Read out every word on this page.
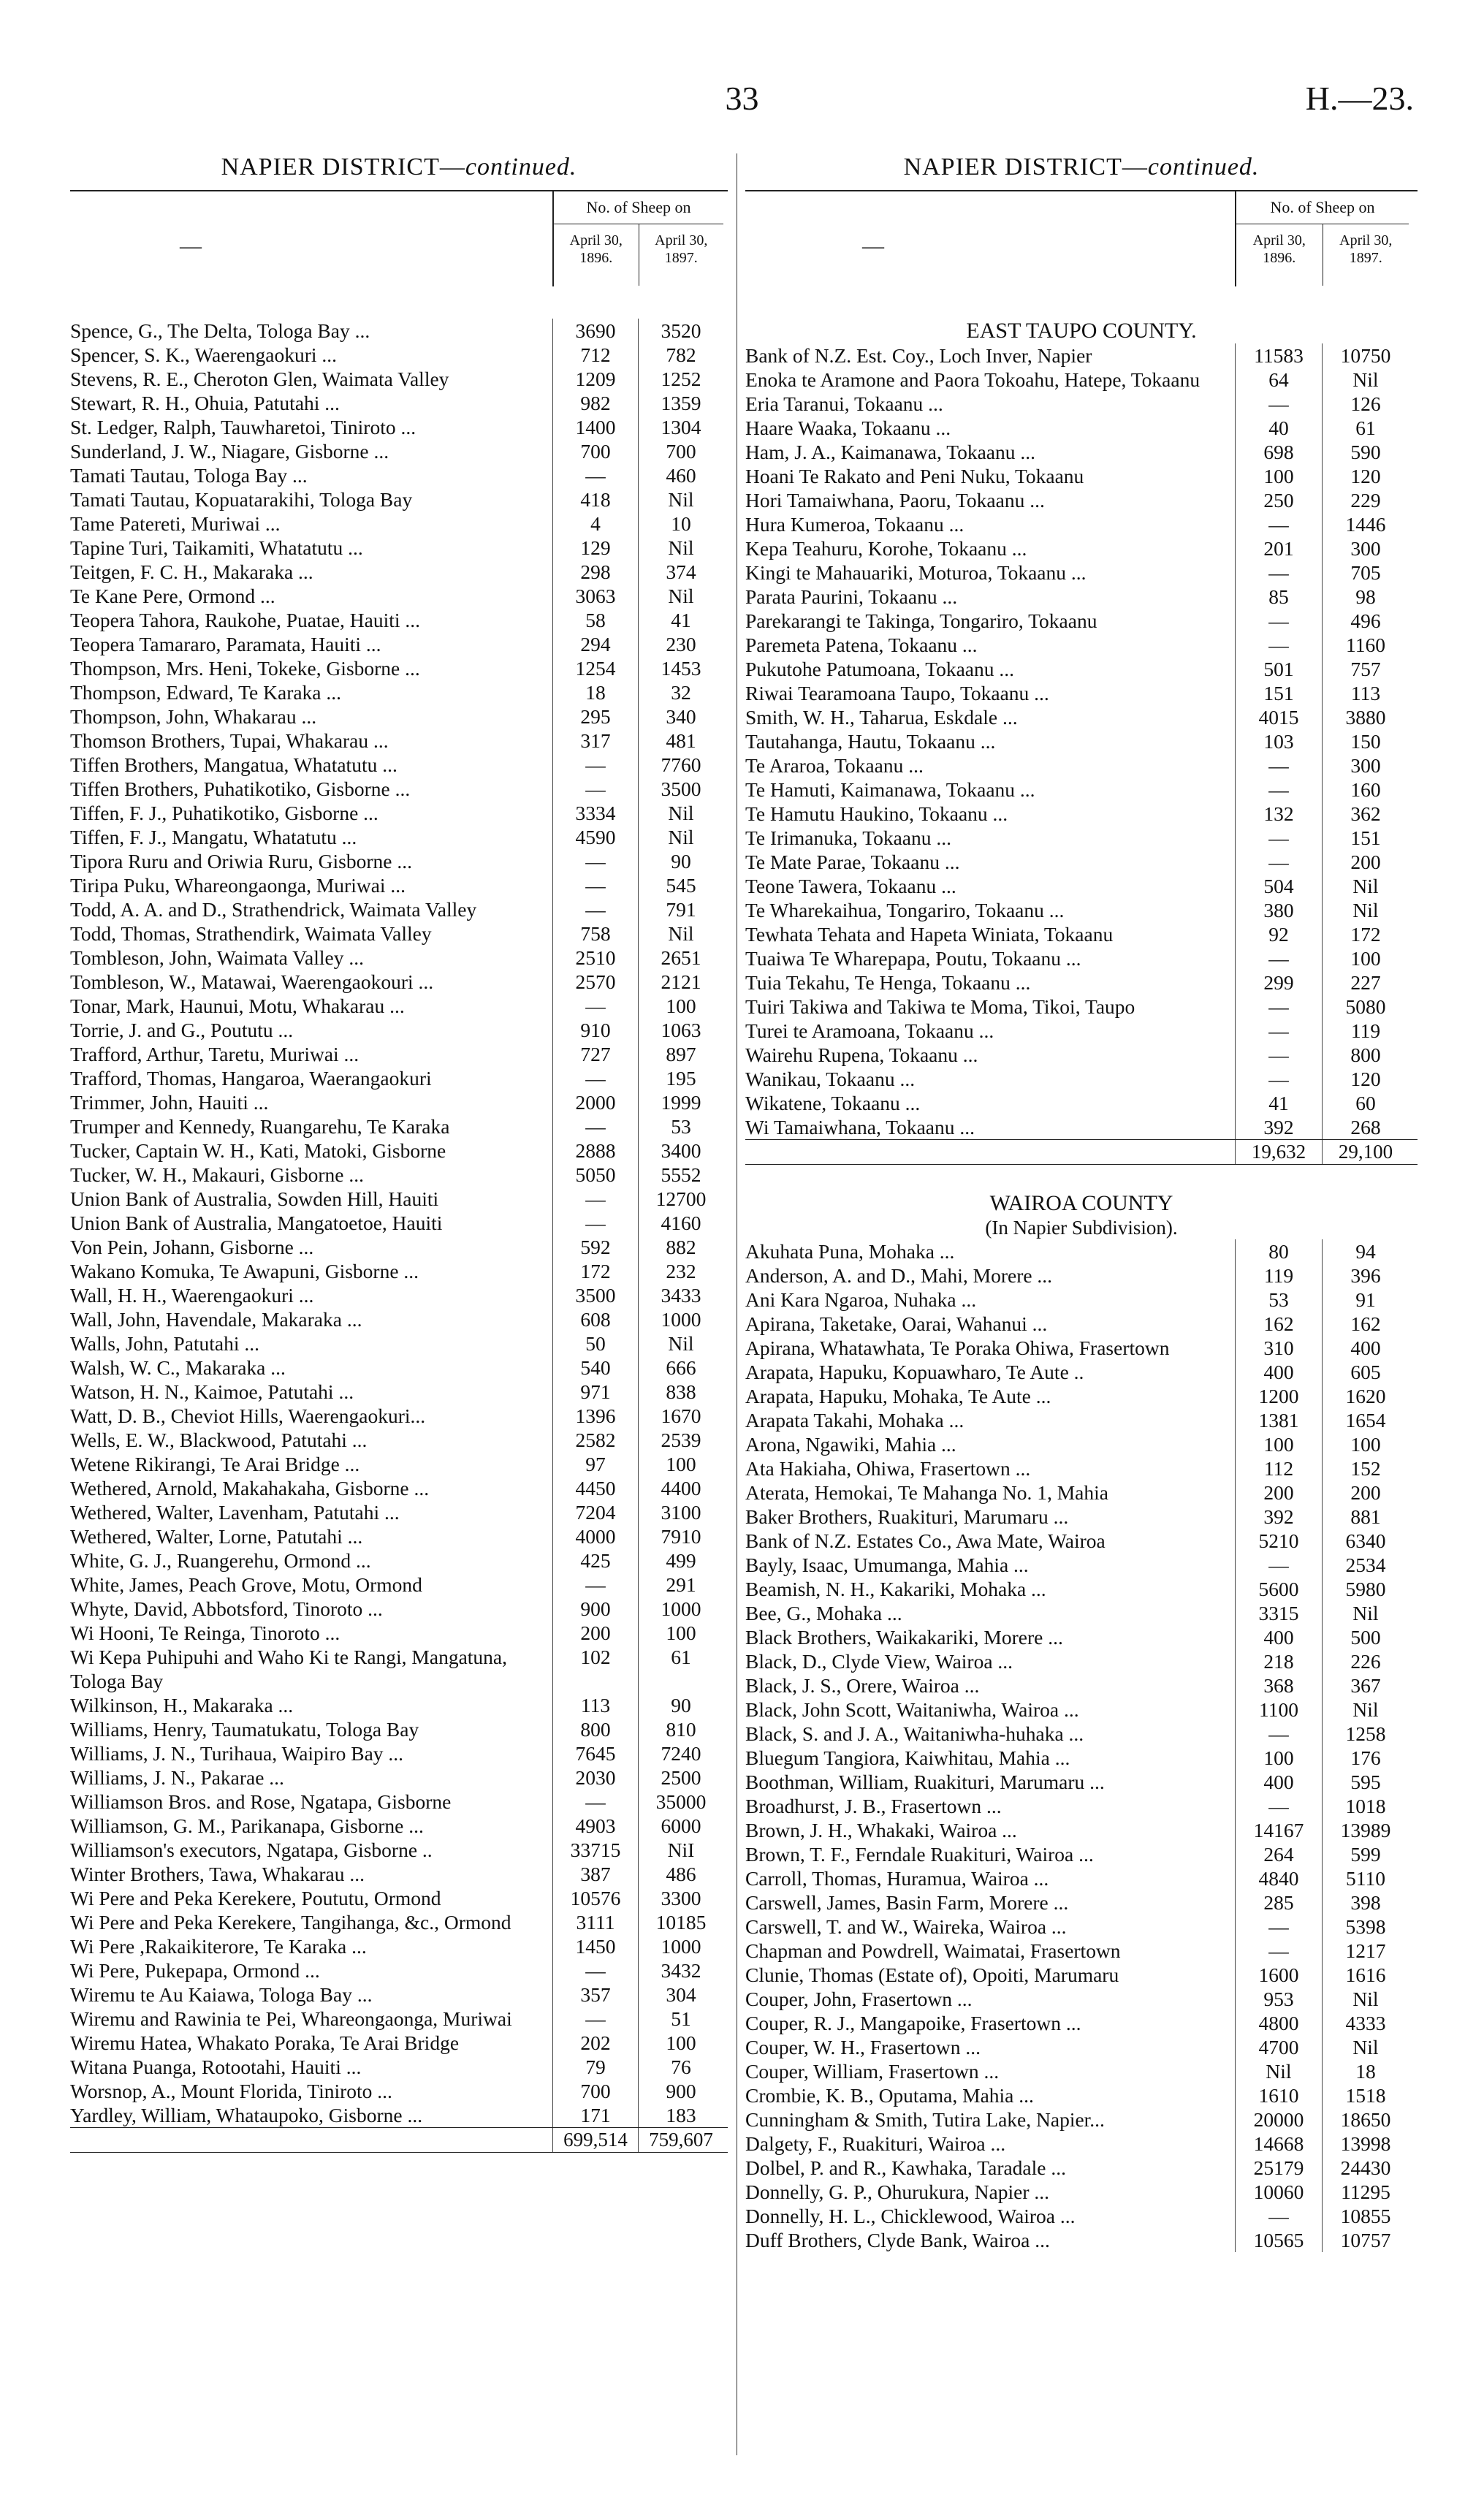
33	H.—23.
NAPIER DISTRICT—continued.
—
No. of Sheep on
April 30, 1896.
April 30, 1897.
Spence, G., The Delta, Tologa Bay ...	3690	3520
Spencer, S. K., Waerengaokuri ...	712	782
Stevens, R. E., Cheroton Glen, Waimata Valley	1209	1252
Stewart, R. H., Ohuia, Patutahi ...	982	1359
St. Ledger, Ralph, Tauwharetoi, Tiniroto ...	1400	1304
Sunderland, J. W., Niagare, Gisborne ...	700	700
Tamati Tautau, Tologa Bay ...	—	460
Tamati Tautau, Kopuatarakihi, Tologa Bay	418	Nil
Tame Patereti, Muriwai ...	4	10
Tapine Turi, Taikamiti, Whatatutu ...	129	Nil
Teitgen, F. C. H., Makaraka ...	298	374
Te Kane Pere, Ormond ...	3063	Nil
Teopera Tahora, Raukohe, Puatae, Hauiti ...	58	41
Teopera Tamararo, Paramata, Hauiti ...	294	230
Thompson, Mrs. Heni, Tokeke, Gisborne ...	1254	1453
Thompson, Edward, Te Karaka ...	18	32
Thompson, John, Whakarau ...	295	340
Thomson Brothers, Tupai, Whakarau ...	317	481
Tiffen Brothers, Mangatua, Whatatutu ...	—	7760
Tiffen Brothers, Puhatikotiko, Gisborne ...	—	3500
Tiffen, F. J., Puhatikotiko, Gisborne ...	3334	Nil
Tiffen, F. J., Mangatu, Whatatutu ...	4590	Nil
Tipora Ruru and Oriwia Ruru, Gisborne ...	—	90
Tiripa Puku, Whareongaonga, Muriwai ...	—	545
Todd, A. A. and D., Strathendrick, Waimata Valley	—	791
Todd, Thomas, Strathendirk, Waimata Valley	758	Nil
Tombleson, John, Waimata Valley ...	2510	2651
Tombleson, W., Matawai, Waerengaokouri ...	2570	2121
Tonar, Mark, Haunui, Motu, Whakarau ...	—	100
Torrie, J. and G., Poututu ...	910	1063
Trafford, Arthur, Taretu, Muriwai ...	727	897
Trafford, Thomas, Hangaroa, Waerangaokuri	—	195
Trimmer, John, Hauiti ...	2000	1999
Trumper and Kennedy, Ruangarehu, Te Karaka	—	53
Tucker, Captain W. H., Kati, Matoki, Gisborne	2888	3400
Tucker, W. H., Makauri, Gisborne ...	5050	5552
Union Bank of Australia, Sowden Hill, Hauiti	—	12700
Union Bank of Australia, Mangatoetoe, Hauiti	—	4160
Von Pein, Johann, Gisborne ...	592	882
Wakano Komuka, Te Awapuni, Gisborne ...	172	232
Wall, H. H., Waerengaokuri ...	3500	3433
Wall, John, Havendale, Makaraka ...	608	1000
Walls, John, Patutahi ...	50	Nil
Walsh, W. C., Makaraka ...	540	666
Watson, H. N., Kaimoe, Patutahi ...	971	838
Watt, D. B., Cheviot Hills, Waerengaokuri...	1396	1670
Wells, E. W., Blackwood, Patutahi ...	2582	2539
Wetene Rikirangi, Te Arai Bridge ...	97	100
Wethered, Arnold, Makahakaha, Gisborne ...	4450	4400
Wethered, Walter, Lavenham, Patutahi ...	7204	3100
Wethered, Walter, Lorne, Patutahi ...	4000	7910
White, G. J., Ruangerehu, Ormond ...	425	499
White, James, Peach Grove, Motu, Ormond	—	291
Whyte, David, Abbotsford, Tinoroto ...	900	1000
Wi Hooni, Te Reinga, Tinoroto ...	200	100
Wi Kepa Puhipuhi and Waho Ki te Rangi, Mangatuna, Tologa Bay
102	61
Wilkinson, H., Makaraka ...	113	90
Williams, Henry, Taumatukatu, Tologa Bay	800	810
Williams, J. N., Turihaua, Waipiro Bay ...	7645	7240
Williams, J. N., Pakarae ...	2030	2500
Williamson Bros. and Rose, Ngatapa, Gisborne	—	35000
Williamson, G. M., Parikanapa, Gisborne ...	4903	6000
Williamson's executors, Ngatapa, Gisborne ..	33715	NiI
Winter Brothers, Tawa, Whakarau ...	387	486
Wi Pere and Peka Kerekere, Poututu, Ormond	10576	3300
Wi Pere and Peka Kerekere, Tangihanga, &c., Ormond	3111	10185
Wi Pere ,Rakaikiterore, Te Karaka ...	1450	1000
Wi Pere, Pukepapa, Ormond ...	—	3432
Wiremu te Au Kaiawa, Tologa Bay ...	357	304
Wiremu and Rawinia te Pei, Whareongaonga, Muriwai	—	51
Wiremu Hatea, Whakato Poraka, Te Arai Bridge	202	100
Witana Puanga, Rotootahi, Hauiti ...	79	76
Worsnop, A., Mount Florida, Tiniroto ...	700	900
Yardley, William, Whataupoko, Gisborne ...	171	183
699,514	759,607
NAPIER DISTRICT—continued.
—
No. of Sheep on
April 30, 1896.
April 30, 1897.
EAST TAUPO COUNTY.
Bank of N.Z. Est. Coy., Loch Inver, Napier	11583	10750
Enoka te Aramone and Paora Tokoahu, Hatepe, Tokaanu	64	Nil
Eria Taranui, Tokaanu ...	—	126
Haare Waaka, Tokaanu ...	40	61
Ham, J. A., Kaimanawa, Tokaanu ...	698	590
Hoani Te Rakato and Peni Nuku, Tokaanu	100	120
Hori Tamaiwhana, Paoru, Tokaanu ...	250	229
Hura Kumeroa, Tokaanu ...	—	1446
Kepa Teahuru, Korohe, Tokaanu ...	201	300
Kingi te Mahauariki, Moturoa, Tokaanu ...	—	705
Parata Paurini, Tokaanu ...	85	98
Parekarangi te Takinga, Tongariro, Tokaanu	—	496
Paremeta Patena, Tokaanu ...	—	1160
Pukutohe Patumoana, Tokaanu ...	501	757
Riwai Tearamoana Taupo, Tokaanu ...	151	113
Smith, W. H., Taharua, Eskdale ...	4015	3880
Tautahanga, Hautu, Tokaanu ...	103	150
Te Araroa, Tokaanu ...	—	300
Te Hamuti, Kaimanawa, Tokaanu ...	—	160
Te Hamutu Haukino, Tokaanu ...	132	362
Te Irimanuka, Tokaanu ...	—	151
Te Mate Parae, Tokaanu ...	—	200
Teone Tawera, Tokaanu ...	504	Nil
Te Wharekaihua, Tongariro, Tokaanu ...	380	Nil
Tewhata Tehata and Hapeta Winiata, Tokaanu	92	172
Tuaiwa Te Wharepapa, Poutu, Tokaanu ...	—	100
Tuia Tekahu, Te Henga, Tokaanu ...	299	227
Tuiri Takiwa and Takiwa te Moma, Tikoi, Taupo	—	5080
Turei te Aramoana, Tokaanu ...	—	119
Wairehu Rupena, Tokaanu ...	—	800
Wanikau, Tokaanu ...	—	120
Wikatene, Tokaanu ...	41	60
Wi Tamaiwhana, Tokaanu ...	392	268
19,632	29,100
WAIROA COUNTY
(In Napier Subdivision).
Akuhata Puna, Mohaka ...	80	94
Anderson, A. and D., Mahi, Morere ...	119	396
Ani Kara Ngaroa, Nuhaka ...	53	91
Apirana, Taketake, Oarai, Wahanui ...	162	162
Apirana, Whatawhata, Te Poraka Ohiwa, Frasertown	310	400
Arapata, Hapuku, Kopuawharo, Te Aute ..	400	605
Arapata, Hapuku, Mohaka, Te Aute ...	1200	1620
Arapata Takahi, Mohaka ...	1381	1654
Arona, Ngawiki, Mahia ...	100	100
Ata Hakiaha, Ohiwa, Frasertown ...	112	152
Aterata, Hemokai, Te Mahanga No. 1, Mahia	200	200
Baker Brothers, Ruakituri, Marumaru ...	392	881
Bank of N.Z. Estates Co., Awa Mate, Wairoa	5210	6340
Bayly, Isaac, Umumanga, Mahia ...	—	2534
Beamish, N. H., Kakariki, Mohaka ...	5600	5980
Bee, G., Mohaka ...	3315	Nil
Black Brothers, Waikakariki, Morere ...	400	500
Black, D., Clyde View, Wairoa ...	218	226
Black, J. S., Orere, Wairoa ...	368	367
Black, John Scott, Waitaniwha, Wairoa ...	1100	Nil
Black, S. and J. A., Waitaniwha-huhaka ...	—	1258
Bluegum Tangiora, Kaiwhitau, Mahia ...	100	176
Boothman, William, Ruakituri, Marumaru ...	400	595
Broadhurst, J. B., Frasertown ...	—	1018
Brown, J. H., Whakaki, Wairoa ...	14167	13989
Brown, T. F., Ferndale Ruakituri, Wairoa ...	264	599
Carroll, Thomas, Huramua, Wairoa ...	4840	5110
Carswell, James, Basin Farm, Morere ...	285	398
Carswell, T. and W., Waireka, Wairoa ...	—	5398
Chapman and Powdrell, Waimatai, Frasertown	—	1217
Clunie, Thomas (Estate of), Opoiti, Marumaru	1600	1616
Couper, John, Frasertown ...	953	Nil
Couper, R. J., Mangapoike, Frasertown ...	4800	4333
Couper, W. H., Frasertown ...	4700	Nil
Couper, William, Frasertown ...	Nil	18
Crombie, K. B., Oputama, Mahia ...	1610	1518
Cunningham & Smith, Tutira Lake, Napier...	20000	18650
Dalgety, F., Ruakituri, Wairoa ...	14668	13998
Dolbel, P. and R., Kawhaka, Taradale ...	25179	24430
Donnelly, G. P., Ohurukura, Napier ...	10060	11295
Donnelly, H. L., Chicklewood, Wairoa ...	—	10855
Duff Brothers, Clyde Bank, Wairoa ...	10565	10757
